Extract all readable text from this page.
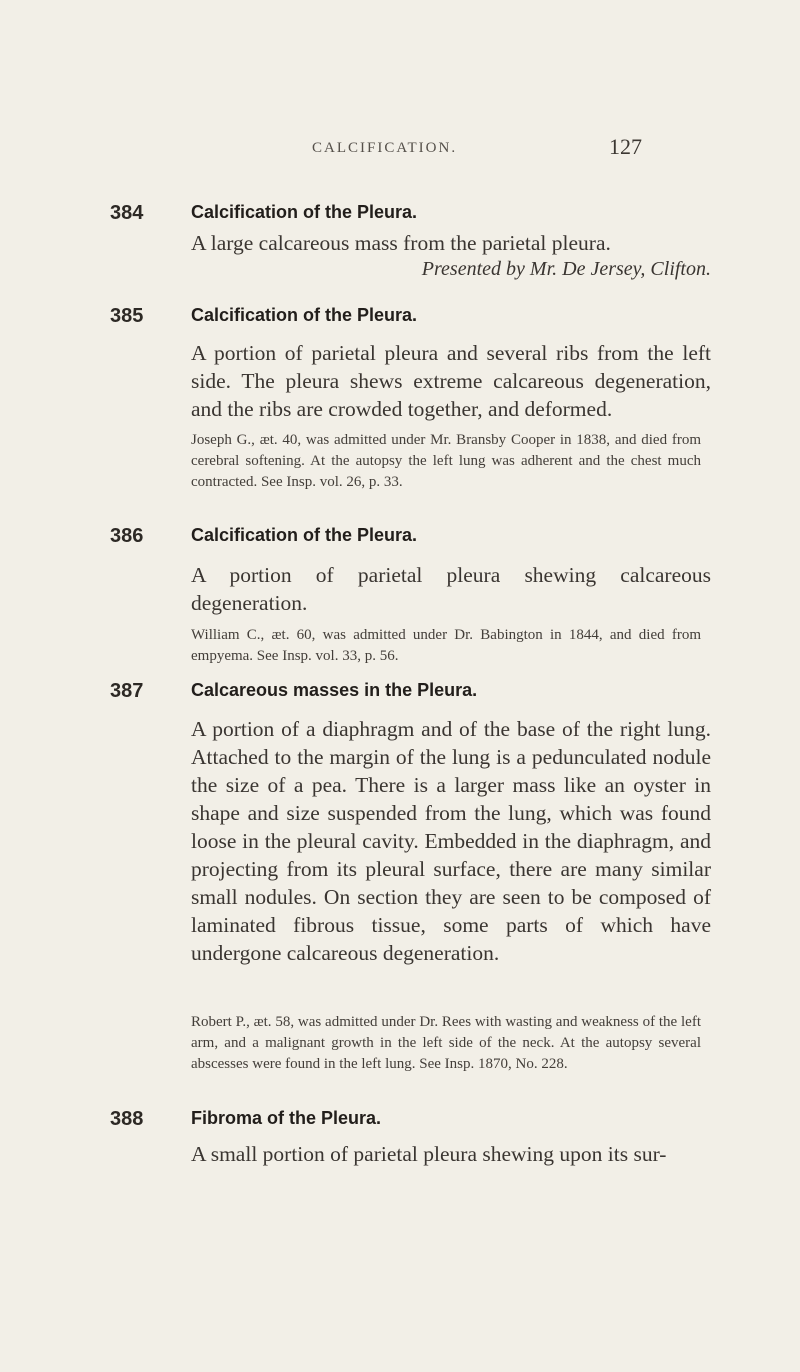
CALCIFICATION.	127
384	Calcification of the Pleura.

A large calcareous mass from the parietal pleura.

Presented by Mr. De Jersey, Clifton.

385	Calcification of the Pleura.

A portion of parietal pleura and several ribs from the left side. The pleura shews extreme calcareous degeneration, and the ribs are crowded together, and deformed.

Joseph G., æt. 40, was admitted under Mr. Bransby Cooper in 1838, and died from cerebral softening. At the autopsy the left lung was adherent and the chest much contracted. See Insp. vol. 26, p. 33.

386	Calcification of the Pleura.

A portion of parietal pleura shewing calcareous degeneration.

William C., æt. 60, was admitted under Dr. Babington in 1844, and died from empyema. See Insp. vol. 33, p. 56.

387	Calcareous masses in the Pleura.

A portion of a diaphragm and of the base of the right lung. Attached to the margin of the lung is a pedunculated nodule the size of a pea. There is a larger mass like an oyster in shape and size suspended from the lung, which was found loose in the pleural cavity. Embedded in the diaphragm, and projecting from its pleural surface, there are many similar small nodules. On section they are seen to be composed of laminated fibrous tissue, some parts of which have undergone calcareous degeneration.

Robert P., æt. 58, was admitted under Dr. Rees with wasting and weakness of the left arm, and a malignant growth in the left side of the neck. At the autopsy several abscesses were found in the left lung. See Insp. 1870, No. 228.

388	Fibroma of the Pleura.

A small portion of parietal pleura shewing upon its sur-
